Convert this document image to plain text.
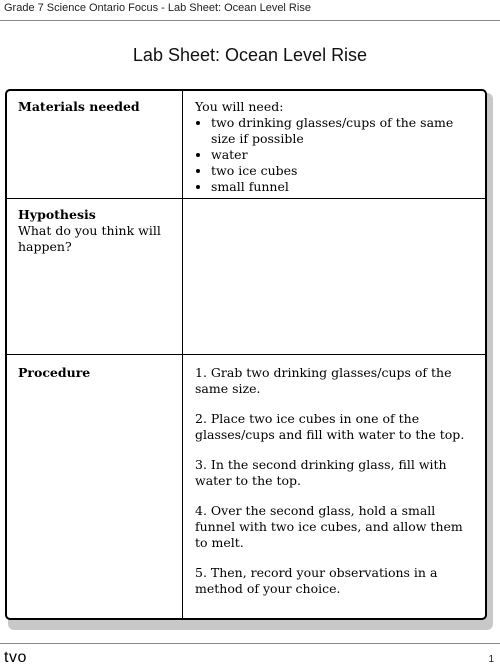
Grade 7 Science Ontario Focus - Lab Sheet: Ocean Level Rise
Lab Sheet: Ocean Level Rise
Materials needed	You will need:
• two drinking glasses/cups of the same size if possible
• water
• two ice cubes
• small funnel
Hypothesis
What do you think will happen?
Procedure	1. Grab two drinking glasses/cups of the same size.

2. Place two ice cubes in one of the glasses/cups and fill with water to the top.

3. In the second drinking glass, fill with water to the top.

4. Over the second glass, hold a small funnel with two ice cubes, and allow them to melt.

5. Then, record your observations in a method of your choice.

tvo	1
